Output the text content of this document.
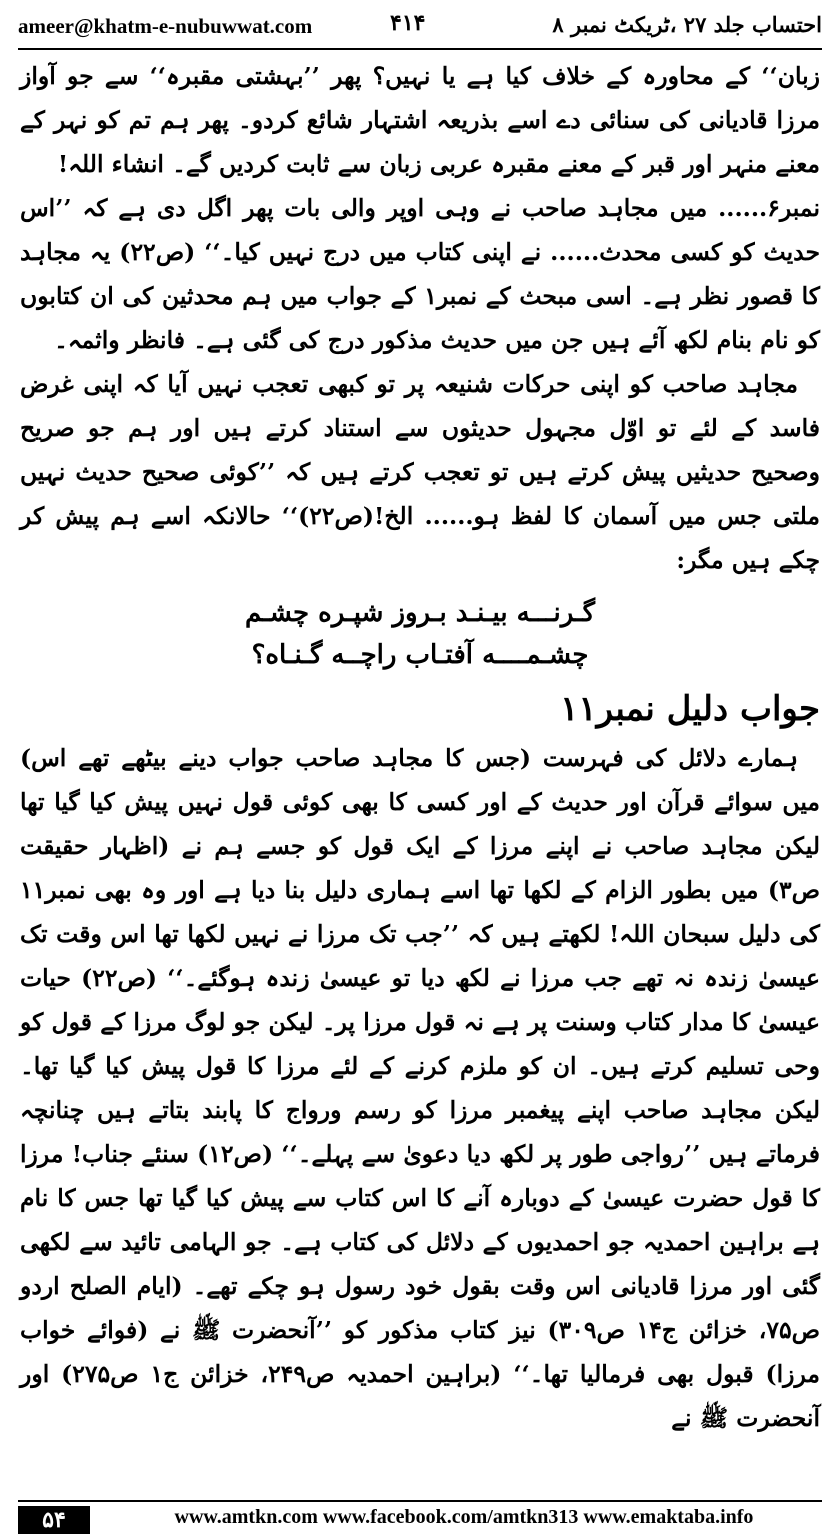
ameer@khatm-e-nubuwwat.com	۴۱۴	احتساب جلد ۲۷ ،ٹریکٹ نمبر ۸

زبان‘‘ کے محاورہ کے خلاف کیا ہے یا نہیں؟ پھر ’’بہشتی مقبرہ‘‘ سے جو آواز مرزا قادیانی کی سنائی دے اسے بذریعہ اشتہار شائع کردو۔ پھر ہم تم کو نہر کے معنے منہر اور قبر کے معنے مقبرہ عربی زبان سے ثابت کردیں گے۔ انشاء اللہ!

نمبر۶...... میں مجاہد صاحب نے وہی اوپر والی بات پھر اگل دی ہے کہ ’’اس حدیث کو کسی محدث...... نے اپنی کتاب میں درج نہیں کیا۔‘‘ (ص۲۲) یہ مجاہد کا قصور نظر ہے۔ اسی مبحث کے نمبر۱ کے جواب میں ہم محدثین کی ان کتابوں کو نام بنام لکھ آئے ہیں جن میں حدیث مذکور درج کی گئی ہے۔ فانظر واثمہ۔

مجاہد صاحب کو اپنی حرکات شنیعہ پر تو کبھی تعجب نہیں آیا کہ اپنی غرض فاسد کے لئے تو اوّل مجہول حدیثوں سے استناد کرتے ہیں اور ہم جو صریح وصحیح حدیثیں پیش کرتے ہیں تو تعجب کرتے ہیں کہ ’’کوئی صحیح حدیث نہیں ملتی جس میں آسمان کا لفظ ہو...... الخ!(ص۲۲)‘‘ حالانکہ اسے ہم پیش کر چکے ہیں مگر:

گـرنـــه بیـنـد بـروز شپـره چشـم
چشـمــــه آفتـاب راچــه گـنـاه؟
جواب دلیل نمبر۱۱

ہمارے دلائل کی فہرست (جس کا مجاہد صاحب جواب دینے بیٹھے تھے اس) میں سوائے قرآن اور حدیث کے اور کسی کا بھی کوئی قول نہیں پیش کیا گیا تھا لیکن مجاہد صاحب نے اپنے مرزا کے ایک قول کو جسے ہم نے (اظہار حقیقت ص۳) میں بطور الزام کے لکھا تھا اسے ہماری دلیل بنا دیا ہے اور وہ بھی نمبر۱۱ کی دلیل سبحان اللہ! لکھتے ہیں کہ ’’جب تک مرزا نے نہیں لکھا تھا اس وقت تک عیسیٰ زندہ نہ تھے جب مرزا نے لکھ دیا تو عیسیٰ زندہ ہوگئے۔‘‘ (ص۲۲) حیات عیسیٰ کا مدار کتاب وسنت پر ہے نہ قول مرزا پر۔ لیکن جو لوگ مرزا کے قول کو وحی تسلیم کرتے ہیں۔ ان کو ملزم کرنے کے لئے مرزا کا قول پیش کیا گیا تھا۔ لیکن مجاہد صاحب اپنے پیغمبر مرزا کو رسم ورواج کا پابند بتاتے ہیں چنانچہ فرماتے ہیں ’’رواجی طور پر لکھ دیا دعویٰ سے پہلے۔‘‘ (ص۱۲) سنئے جناب! مرزا کا قول حضرت عیسیٰ کے دوبارہ آنے کا اس کتاب سے پیش کیا گیا تھا جس کا نام ہے براہین احمدیہ جو احمدیوں کے دلائل کی کتاب ہے۔ جو الہامی تائید سے لکھی گئی اور مرزا قادیانی اس وقت بقول خود رسول ہو چکے تھے۔ (ایام الصلح اردو ص۷۵، خزائن ج۱۴ ص۳۰۹) نیز کتاب مذکور کو ’’آنحضرت ﷺ نے (فوائے خواب مرزا) قبول بھی فرمالیا تھا۔‘‘ (براہین احمدیہ ص۲۴۹، خزائن ج۱ ص۲۷۵) اور آنحضرت ﷺ نے

۵۴	www.amtkn.com www.facebook.com/amtkn313 www.emaktaba.info
